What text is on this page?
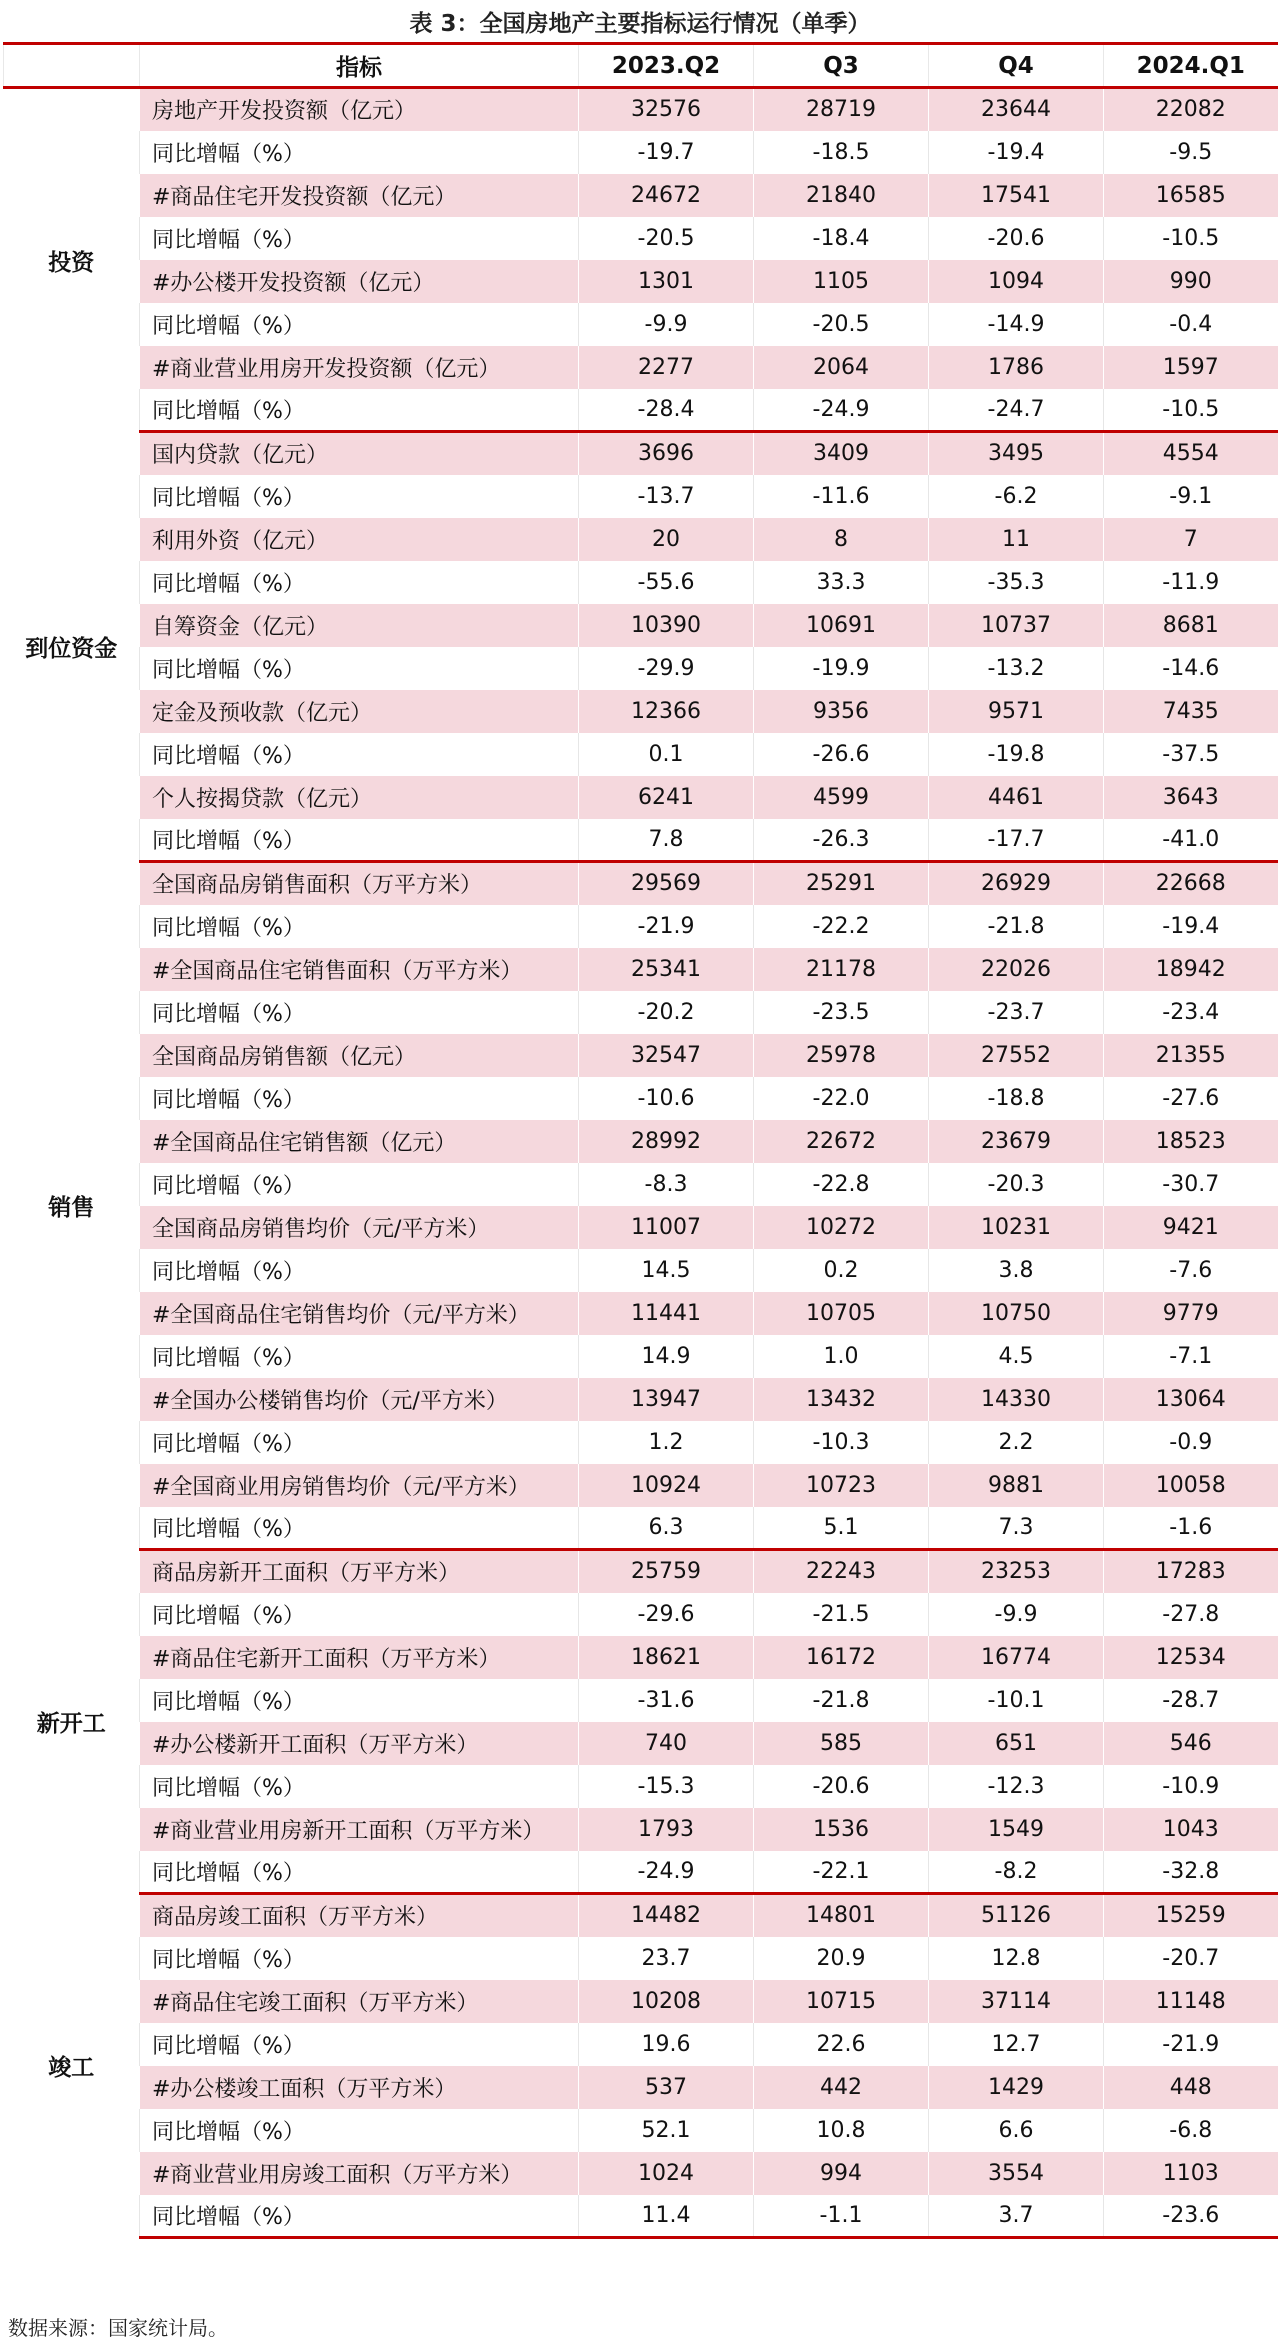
表 3：全国房地产主要指标运行情况（单季）
	指标	2023.Q2	Q3	Q4	2024.Q1
投资	房地产开发投资额（亿元）	32576	28719	23644	22082
	同比增幅（%）	-19.7	-18.5	-19.4	-9.5
	#商品住宅开发投资额（亿元）	24672	21840	17541	16585
	同比增幅（%）	-20.5	-18.4	-20.6	-10.5
	#办公楼开发投资额（亿元）	1301	1105	1094	990
	同比增幅（%）	-9.9	-20.5	-14.9	-0.4
	#商业营业用房开发投资额（亿元）	2277	2064	1786	1597
	同比增幅（%）	-28.4	-24.9	-24.7	-10.5
到位资金	国内贷款（亿元）	3696	3409	3495	4554
	同比增幅（%）	-13.7	-11.6	-6.2	-9.1
	利用外资（亿元）	20	8	11	7
	同比增幅（%）	-55.6	33.3	-35.3	-11.9
	自筹资金（亿元）	10390	10691	10737	8681
	同比增幅（%）	-29.9	-19.9	-13.2	-14.6
	定金及预收款（亿元）	12366	9356	9571	7435
	同比增幅（%）	0.1	-26.6	-19.8	-37.5
	个人按揭贷款（亿元）	6241	4599	4461	3643
	同比增幅（%）	7.8	-26.3	-17.7	-41.0
销售	全国商品房销售面积（万平方米）	29569	25291	26929	22668
	同比增幅（%）	-21.9	-22.2	-21.8	-19.4
	#全国商品住宅销售面积（万平方米）	25341	21178	22026	18942
	同比增幅（%）	-20.2	-23.5	-23.7	-23.4
	全国商品房销售额（亿元）	32547	25978	27552	21355
	同比增幅（%）	-10.6	-22.0	-18.8	-27.6
	#全国商品住宅销售额（亿元）	28992	22672	23679	18523
	同比增幅（%）	-8.3	-22.8	-20.3	-30.7
	全国商品房销售均价（元/平方米）	11007	10272	10231	9421
	同比增幅（%）	14.5	0.2	3.8	-7.6
	#全国商品住宅销售均价（元/平方米）	11441	10705	10750	9779
	同比增幅（%）	14.9	1.0	4.5	-7.1
	#全国办公楼销售均价（元/平方米）	13947	13432	14330	13064
	同比增幅（%）	1.2	-10.3	2.2	-0.9
	#全国商业用房销售均价（元/平方米）	10924	10723	9881	10058
	同比增幅（%）	6.3	5.1	7.3	-1.6
新开工	商品房新开工面积（万平方米）	25759	22243	23253	17283
	同比增幅（%）	-29.6	-21.5	-9.9	-27.8
	#商品住宅新开工面积（万平方米）	18621	16172	16774	12534
	同比增幅（%）	-31.6	-21.8	-10.1	-28.7
	#办公楼新开工面积（万平方米）	740	585	651	546
	同比增幅（%）	-15.3	-20.6	-12.3	-10.9
	#商业营业用房新开工面积（万平方米）	1793	1536	1549	1043
	同比增幅（%）	-24.9	-22.1	-8.2	-32.8
竣工	商品房竣工面积（万平方米）	14482	14801	51126	15259
	同比增幅（%）	23.7	20.9	12.8	-20.7
	#商品住宅竣工面积（万平方米）	10208	10715	37114	11148
	同比增幅（%）	19.6	22.6	12.7	-21.9
	#办公楼竣工面积（万平方米）	537	442	1429	448
	同比增幅（%）	52.1	10.8	6.6	-6.8
	#商业营业用房竣工面积（万平方米）	1024	994	3554	1103
	同比增幅（%）	11.4	-1.1	3.7	-23.6
数据来源：国家统计局。
